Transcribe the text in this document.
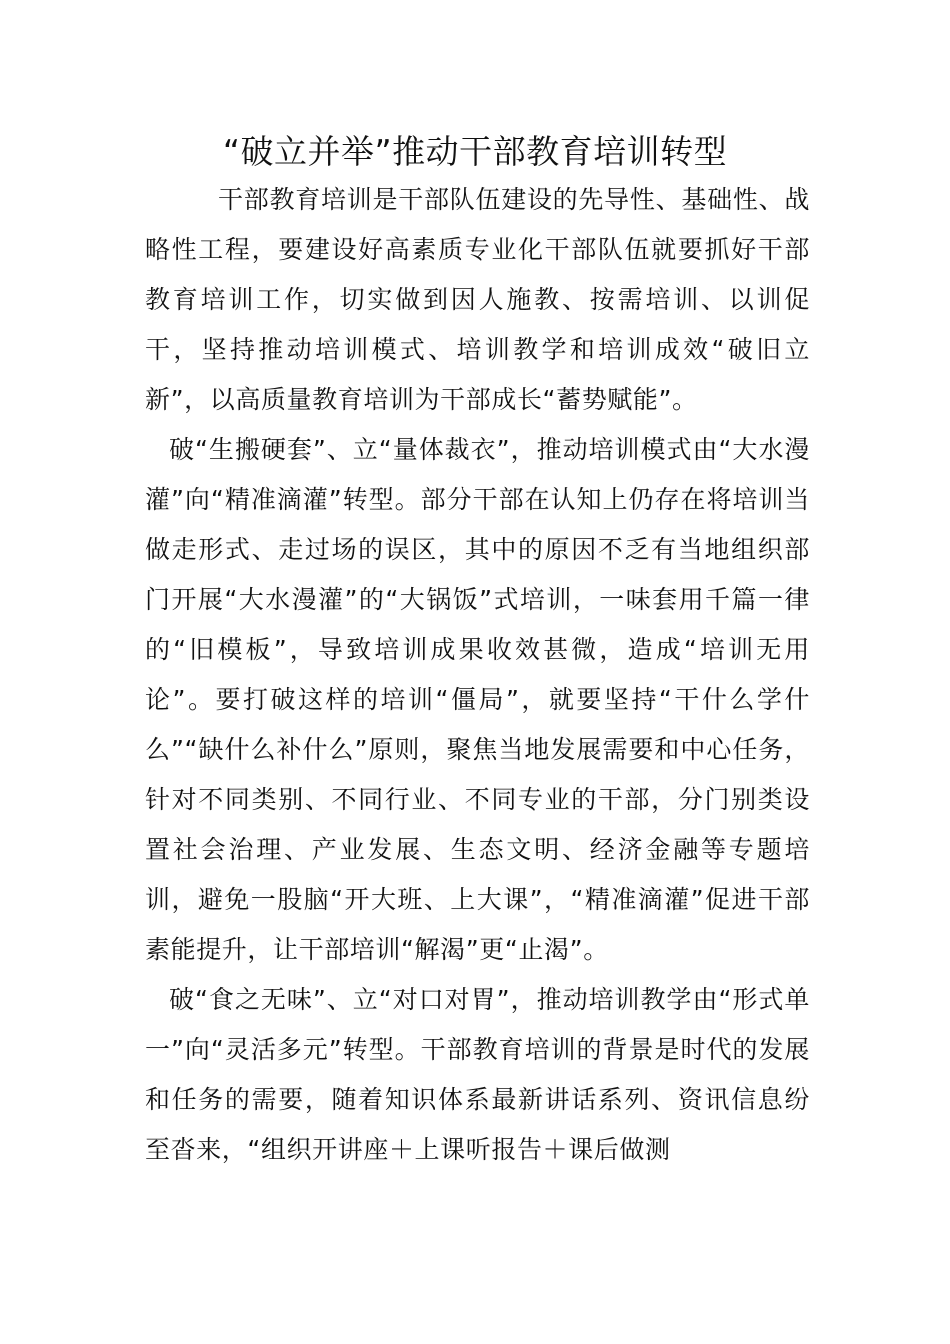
“破立并举”推动干部教育培训转型

干部教育培训是干部队伍建设的先导性、基础性、战略性工程，要建设好高素质专业化干部队伍就要抓好干部教育培训工作，切实做到因人施教、按需培训、以训促干，坚持推动培训模式、培训教学和培训成效“破旧立新”，以高质量教育培训为干部成长“蓄势赋能”。

破“生搬硬套”、立“量体裁衣”，推动培训模式由“大水漫灌”向“精准滴灌”转型。部分干部在认知上仍存在将培训当做走形式、走过场的误区，其中的原因不乏有当地组织部门开展“大水漫灌”的“大锅饭”式培训，一味套用千篇一律的“旧模板”，导致培训成果收效甚微，造成“培训无用论”。要打破这样的培训“僵局”，就要坚持“干什么学什么”“缺什么补什么”原则，聚焦当地发展需要和中心任务，针对不同类别、不同行业、不同专业的干部，分门别类设置社会治理、产业发展、生态文明、经济金融等专题培训，避免一股脑“开大班、上大课”，“精准滴灌”促进干部素能提升，让干部培训“解渴”更“止渴”。

破“食之无味”、立“对口对胃”，推动培训教学由“形式单一”向“灵活多元”转型。干部教育培训的背景是时代的发展和任务的需要，随着知识体系最新讲话系列、资讯信息纷至沓来，“组织开讲座＋上课听报告＋课后做测
